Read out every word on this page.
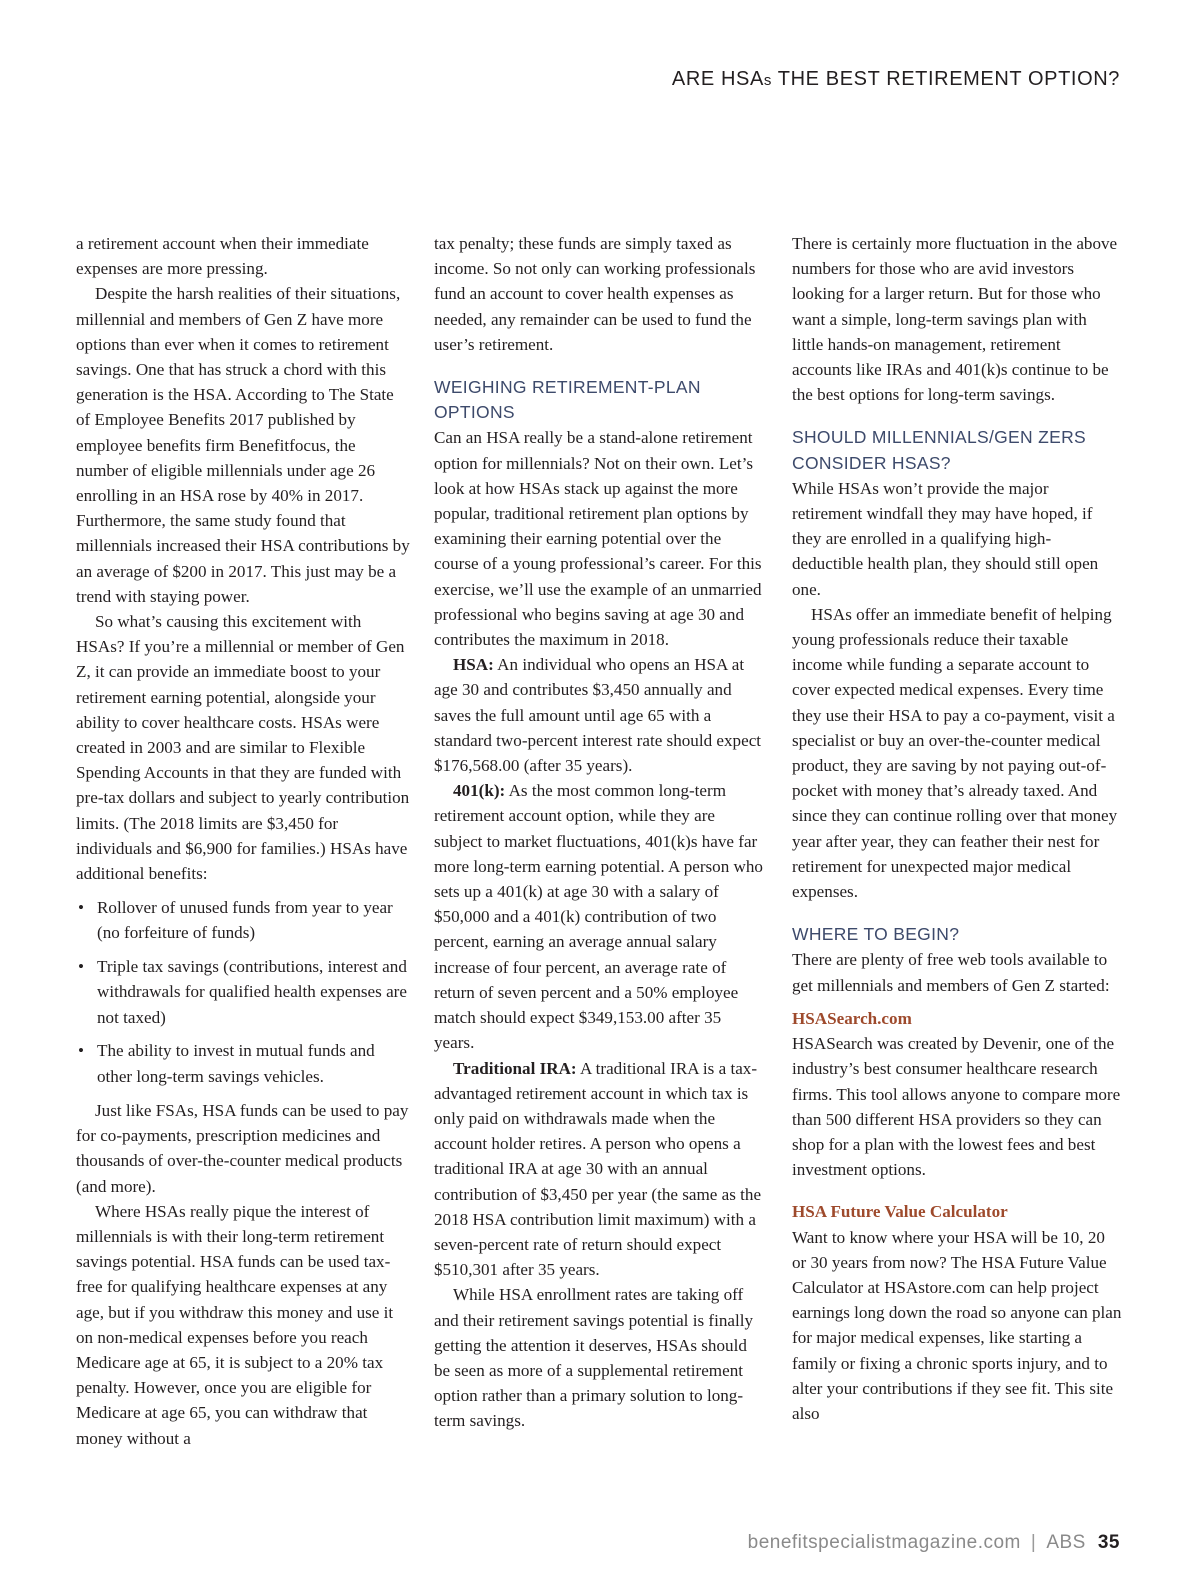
ARE HSAs THE BEST RETIREMENT OPTION?

a retirement account when their immediate expenses are more pressing.

Despite the harsh realities of their situations, millennial and members of Gen Z have more options than ever when it comes to retirement savings. One that has struck a chord with this generation is the HSA. According to The State of Employee Benefits 2017 published by employee benefits firm Benefitfocus, the number of eligible millennials under age 26 enrolling in an HSA rose by 40% in 2017. Furthermore, the same study found that millennials increased their HSA contributions by an average of $200 in 2017. This just may be a trend with staying power.

So what’s causing this excitement with HSAs? If you’re a millennial or member of Gen Z, it can provide an immediate boost to your retirement earning potential, alongside your ability to cover healthcare costs. HSAs were created in 2003 and are similar to Flexible Spending Accounts in that they are funded with pre-tax dollars and subject to yearly contribution limits. (The 2018 limits are $3,450 for individuals and $6,900 for families.) HSAs have additional benefits:

• Rollover of unused funds from year to year (no forfeiture of funds)
• Triple tax savings (contributions, interest and withdrawals for qualified health expenses are not taxed)
• The ability to invest in mutual funds and other long-term savings vehicles.

Just like FSAs, HSA funds can be used to pay for co-payments, prescription medicines and thousands of over-the-counter medical products (and more).

Where HSAs really pique the interest of millennials is with their long-term retirement savings potential. HSA funds can be used tax-free for qualifying healthcare expenses at any age, but if you withdraw this money and use it on non-medical expenses before you reach Medicare age at 65, it is subject to a 20% tax penalty. However, once you are eligible for Medicare at age 65, you can withdraw that money without a

tax penalty; these funds are simply taxed as income. So not only can working professionals fund an account to cover health expenses as needed, any remainder can be used to fund the user’s retirement.

WEIGHING RETIREMENT-PLAN OPTIONS

Can an HSA really be a stand-alone retirement option for millennials? Not on their own. Let’s look at how HSAs stack up against the more popular, traditional retirement plan options by examining their earning potential over the course of a young professional’s career. For this exercise, we’ll use the example of an unmarried professional who begins saving at age 30 and contributes the maximum in 2018.

HSA: An individual who opens an HSA at age 30 and contributes $3,450 annually and saves the full amount until age 65 with a standard two-percent interest rate should expect $176,568.00 (after 35 years).

401(k): As the most common long-term retirement account option, while they are subject to market fluctuations, 401(k)s have far more long-term earning potential. A person who sets up a 401(k) at age 30 with a salary of $50,000 and a 401(k) contribution of two percent, earning an average annual salary increase of four percent, an average rate of return of seven percent and a 50% employee match should expect $349,153.00 after 35 years.

Traditional IRA: A traditional IRA is a tax-advantaged retirement account in which tax is only paid on withdrawals made when the account holder retires. A person who opens a traditional IRA at age 30 with an annual contribution of $3,450 per year (the same as the 2018 HSA contribution limit maximum) with a seven-percent rate of return should expect $510,301 after 35 years.

While HSA enrollment rates are taking off and their retirement savings potential is finally getting the attention it deserves, HSAs should be seen as more of a supplemental retirement option rather than a primary solution to long-term savings.

There is certainly more fluctuation in the above numbers for those who are avid investors looking for a larger return. But for those who want a simple, long-term savings plan with little hands-on management, retirement accounts like IRAs and 401(k)s continue to be the best options for long-term savings.

SHOULD MILLENNIALS/GEN ZERS CONSIDER HSAS?

While HSAs won’t provide the major retirement windfall they may have hoped, if they are enrolled in a qualifying high-deductible health plan, they should still open one.

HSAs offer an immediate benefit of helping young professionals reduce their taxable income while funding a separate account to cover expected medical expenses. Every time they use their HSA to pay a co-payment, visit a specialist or buy an over-the-counter medical product, they are saving by not paying out-of-pocket with money that’s already taxed. And since they can continue rolling over that money year after year, they can feather their nest for retirement for unexpected major medical expenses.

WHERE TO BEGIN?

There are plenty of free web tools available to get millennials and members of Gen Z started:

HSASearch.com

HSASearch was created by Devenir, one of the industry’s best consumer healthcare research firms. This tool allows anyone to compare more than 500 different HSA providers so they can shop for a plan with the lowest fees and best investment options.

HSA Future Value Calculator

Want to know where your HSA will be 10, 20 or 30 years from now? The HSA Future Value Calculator at HSAstore.com can help project earnings long down the road so anyone can plan for major medical expenses, like starting a family or fixing a chronic sports injury, and to alter your contributions if they see fit. This site also

benefitspecialistmagazine.com | ABS 35
